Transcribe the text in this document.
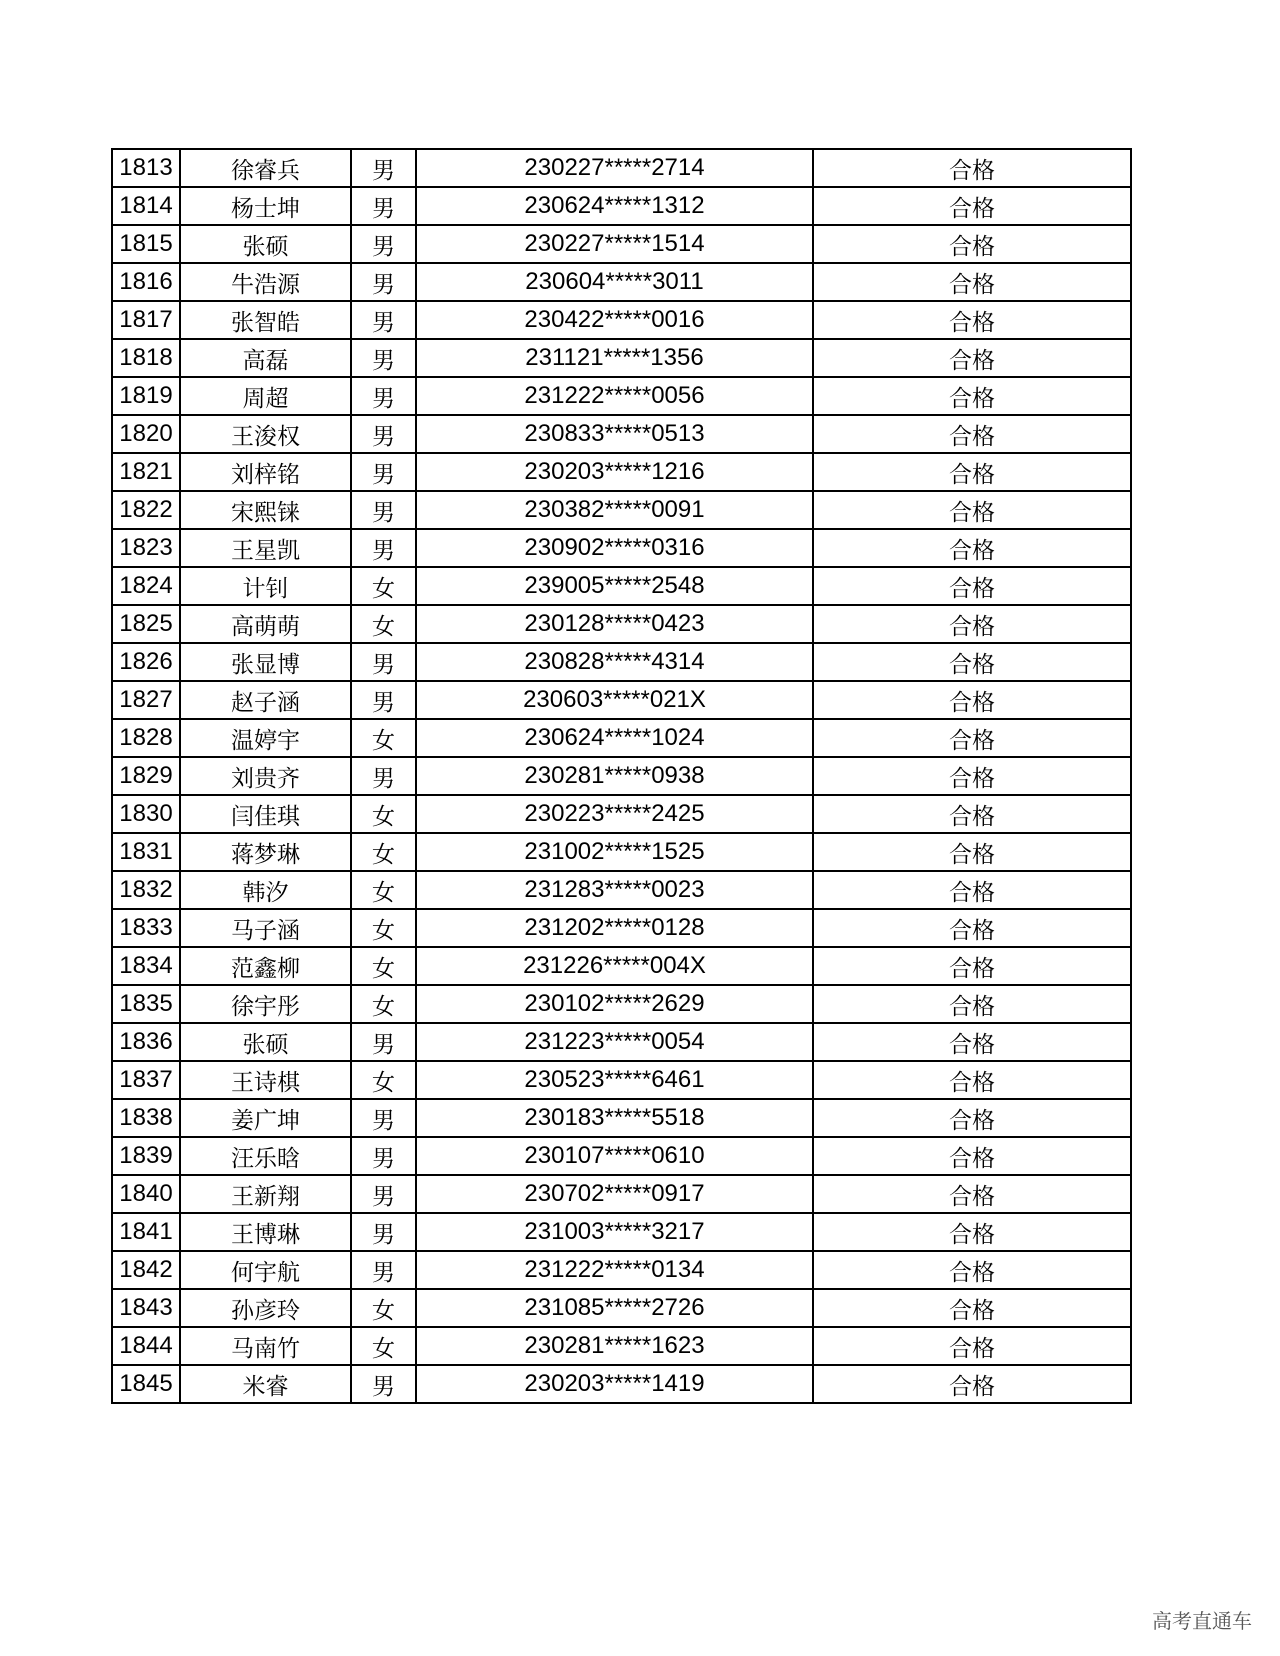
1813	徐睿兵	男	230227*****2714	合格
1814	杨士坤	男	230624*****1312	合格
1815	张硕	男	230227*****1514	合格
1816	牛浩源	男	230604*****3011	合格
1817	张智皓	男	230422*****0016	合格
1818	高磊	男	231121*****1356	合格
1819	周超	男	231222*****0056	合格
1820	王浚权	男	230833*****0513	合格
1821	刘梓铭	男	230203*****1216	合格
1822	宋熙铼	男	230382*****0091	合格
1823	王星凯	男	230902*****0316	合格
1824	计钊	女	239005*****2548	合格
1825	高萌萌	女	230128*****0423	合格
1826	张显博	男	230828*****4314	合格
1827	赵子涵	男	230603*****021X	合格
1828	温婷宇	女	230624*****1024	合格
1829	刘贵齐	男	230281*****0938	合格
1830	闫佳琪	女	230223*****2425	合格
1831	蒋梦琳	女	231002*****1525	合格
1832	韩汐	女	231283*****0023	合格
1833	马子涵	女	231202*****0128	合格
1834	范鑫柳	女	231226*****004X	合格
1835	徐宇彤	女	230102*****2629	合格
1836	张硕	男	231223*****0054	合格
1837	王诗棋	女	230523*****6461	合格
1838	姜广坤	男	230183*****5518	合格
1839	汪乐晗	男	230107*****0610	合格
1840	王新翔	男	230702*****0917	合格
1841	王博琳	男	231003*****3217	合格
1842	何宇航	男	231222*****0134	合格
1843	孙彦玲	女	231085*****2726	合格
1844	马南竹	女	230281*****1623	合格
1845	米睿	男	230203*****1419	合格
高考直通车
